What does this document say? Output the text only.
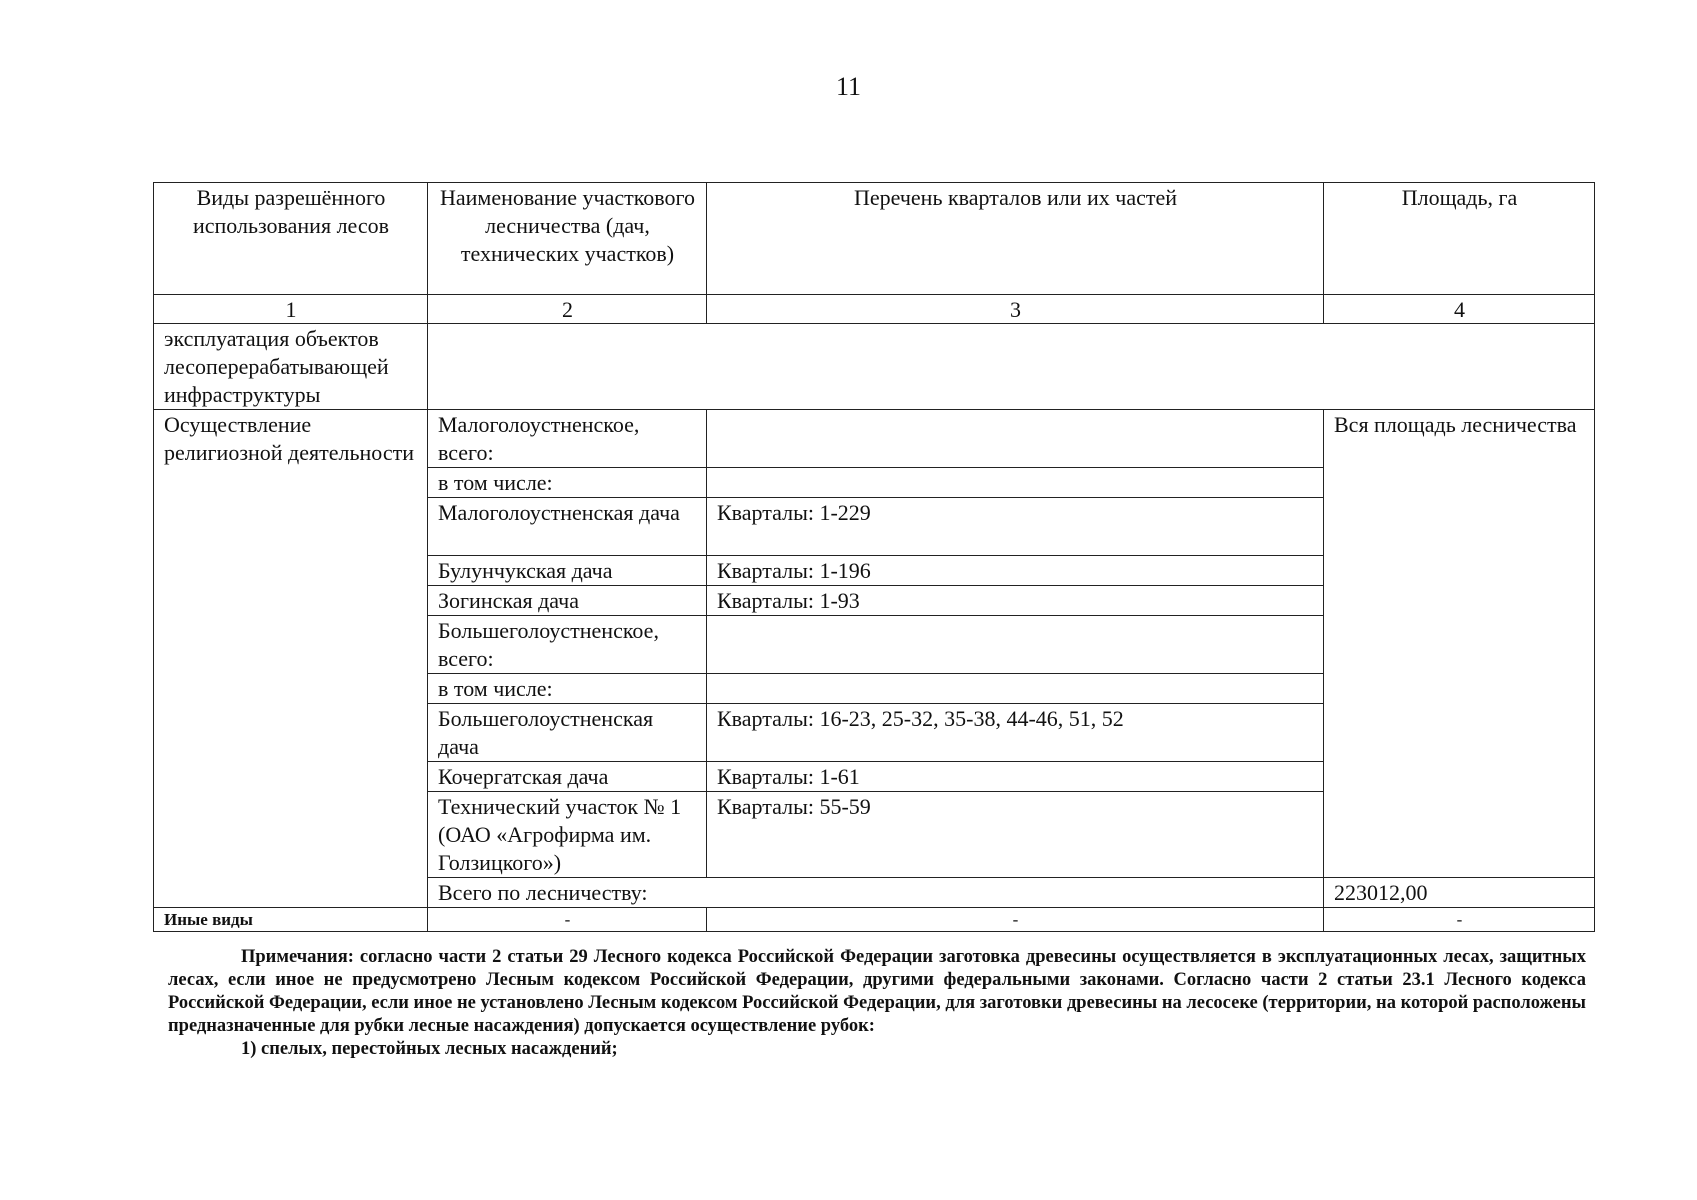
11
Виды разрешённого использования лесов	Наименование участкового лесничества (дач, технических участков)	Перечень кварталов или их частей	Площадь, га
1	2	3	4
эксплуатация объектов лесоперерабатывающей инфраструктуры			
Осуществление религиозной деятельности	Малоголоустненское, всего:		Вся площадь лесничества
	в том числе:		
	Малоголоустненская дача	Кварталы: 1-229	
	Булунчукская дача	Кварталы: 1-196	
	Зогинская дача	Кварталы: 1-93	
	Большеголоустненское, всего:		
	в том числе:		
	Большеголоустненская дача	Кварталы: 16-23, 25-32, 35-38, 44-46, 51, 52	
	Кочергатская дача	Кварталы: 1-61	
	Технический участок № 1 (ОАО «Агрофирма им. Голзицкого»)	Кварталы: 55-59	
	Всего по лесничеству:		223012,00
Иные виды	-	-	-

Примечания: согласно части 2 статьи 29 Лесного кодекса Российской Федерации заготовка древесины осуществляется в эксплуатационных лесах, защитных лесах, если иное не предусмотрено Лесным кодексом Российской Федерации, другими федеральными законами. Согласно части 2 статьи 23.1 Лесного кодекса Российской Федерации, если иное не установлено Лесным кодексом Российской Федерации, для заготовки древесины на лесосеке (территории, на которой расположены предназначенные для рубки лесные насаждения) допускается осуществление рубок:

1) спелых, перестойных лесных насаждений;
